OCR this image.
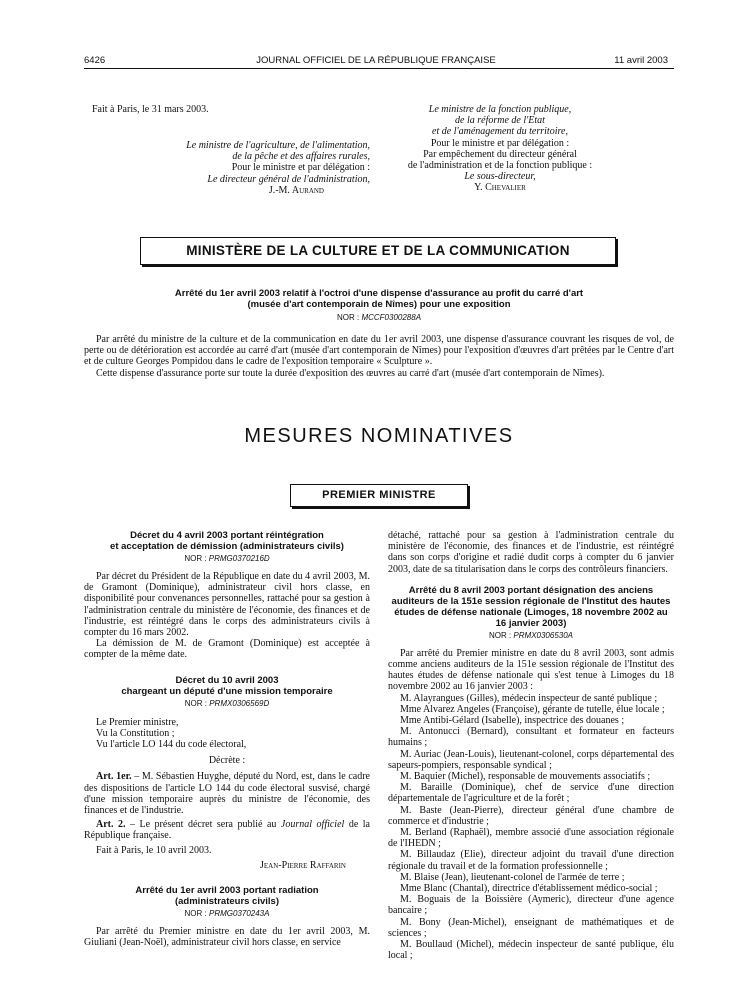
6426	JOURNAL OFFICIEL DE LA RÉPUBLIQUE FRANÇAISE	11 avril 2003
Fait à Paris, le 31 mars 2003.
Le ministre de l'agriculture, de l'alimentation,
de la pêche et des affaires rurales,
Pour le ministre et par délégation :
Le directeur général de l'administration,
J.-M. Aurand
Le ministre de la fonction publique,
de la réforme de l'Etat
et de l'aménagement du territoire,
Pour le ministre et par délégation :
Par empêchement du directeur général
de l'administration et de la fonction publique :
Le sous-directeur,
Y. Chevalier
MINISTÈRE DE LA CULTURE ET DE LA COMMUNICATION
Arrêté du 1er avril 2003 relatif à l'octroi d'une dispense d'assurance au profit du carré d'art
(musée d'art contemporain de Nîmes) pour une exposition
NOR : MCCF0300288A

Par arrêté du ministre de la culture et de la communication en date du 1er avril 2003, une dispense d'assurance couvrant les risques de vol, de perte ou de détérioration est accordée au carré d'art (musée d'art contemporain de Nîmes) pour l'exposition d'œuvres d'art prêtées par le Centre d'art et de culture Georges Pompidou dans le cadre de l'exposition temporaire « Sculpture ».

Cette dispense d'assurance porte sur toute la durée d'exposition des œuvres au carré d'art (musée d'art contemporain de Nîmes).

MESURES NOMINATIVES
PREMIER MINISTRE
Décret du 4 avril 2003 portant réintégration
et acceptation de démission (administrateurs civils)
NOR : PRMG0370216D

Par décret du Président de la République en date du 4 avril 2003, M. de Gramont (Dominique), administrateur civil hors classe, en disponibilité pour convenances personnelles, rattaché pour sa gestion à l'administration centrale du ministère de l'économie, des finances et de l'industrie, est réintégré dans le corps des administrateurs civils à compter du 16 mars 2002.

La démission de M. de Gramont (Dominique) est acceptée à compter de la même date.

Décret du 10 avril 2003
chargeant un député d'une mission temporaire
NOR : PRMX0306569D

Le Premier ministre,

Vu la Constitution ;

Vu l'article LO 144 du code électoral,

Décrète :

Art. 1er. – M. Sébastien Huyghe, député du Nord, est, dans le cadre des dispositions de l'article LO 144 du code électoral susvisé, chargé d'une mission temporaire auprès du ministre de l'économie, des finances et de l'industrie.

Art. 2. – Le présent décret sera publié au Journal officiel de la République française.

Fait à Paris, le 10 avril 2003.

Jean-Pierre Raffarin

Arrêté du 1er avril 2003 portant radiation
(administrateurs civils)
NOR : PRMG0370243A

Par arrêté du Premier ministre en date du 1er avril 2003, M. Giuliani (Jean-Noël), administrateur civil hors classe, en service

détaché, rattaché pour sa gestion à l'administration centrale du ministère de l'économie, des finances et de l'industrie, est réintégré dans son corps d'origine et radié dudit corps à compter du 6 janvier 2003, date de sa titularisation dans le corps des contrôleurs financiers.

Arrêté du 8 avril 2003 portant désignation des anciens auditeurs de la 151e session régionale de l'Institut des hautes études de défense nationale (Limoges, 18 novembre 2002 au 16 janvier 2003)
NOR : PRMX0306530A

Par arrêté du Premier ministre en date du 8 avril 2003, sont admis comme anciens auditeurs de la 151e session régionale de l'Institut des hautes études de défense nationale qui s'est tenue à Limoges du 18 novembre 2002 au 16 janvier 2003 :

M. Alayrangues (Gilles), médecin inspecteur de santé publique ;

Mme Alvarez Angeles (Françoise), gérante de tutelle, élue locale ;

Mme Antibi-Gélard (Isabelle), inspectrice des douanes ;

M. Antonucci (Bernard), consultant et formateur en facteurs humains ;

M. Auriac (Jean-Louis), lieutenant-colonel, corps départemental des sapeurs-pompiers, responsable syndical ;

M. Baquier (Michel), responsable de mouvements associatifs ;

M. Baraille (Dominique), chef de service d'une direction départementale de l'agriculture et de la forêt ;

M. Baste (Jean-Pierre), directeur général d'une chambre de commerce et d'industrie ;

M. Berland (Raphaël), membre associé d'une association régionale de l'IHEDN ;

M. Billaudaz (Elie), directeur adjoint du travail d'une direction régionale du travail et de la formation professionnelle ;

M. Blaise (Jean), lieutenant-colonel de l'armée de terre ;

Mme Blanc (Chantal), directrice d'établissement médico-social ;

M. Boguais de la Boissière (Aymeric), directeur d'une agence bancaire ;

M. Bony (Jean-Michel), enseignant de mathématiques et de sciences ;

M. Boullaud (Michel), médecin inspecteur de santé publique, élu local ;
